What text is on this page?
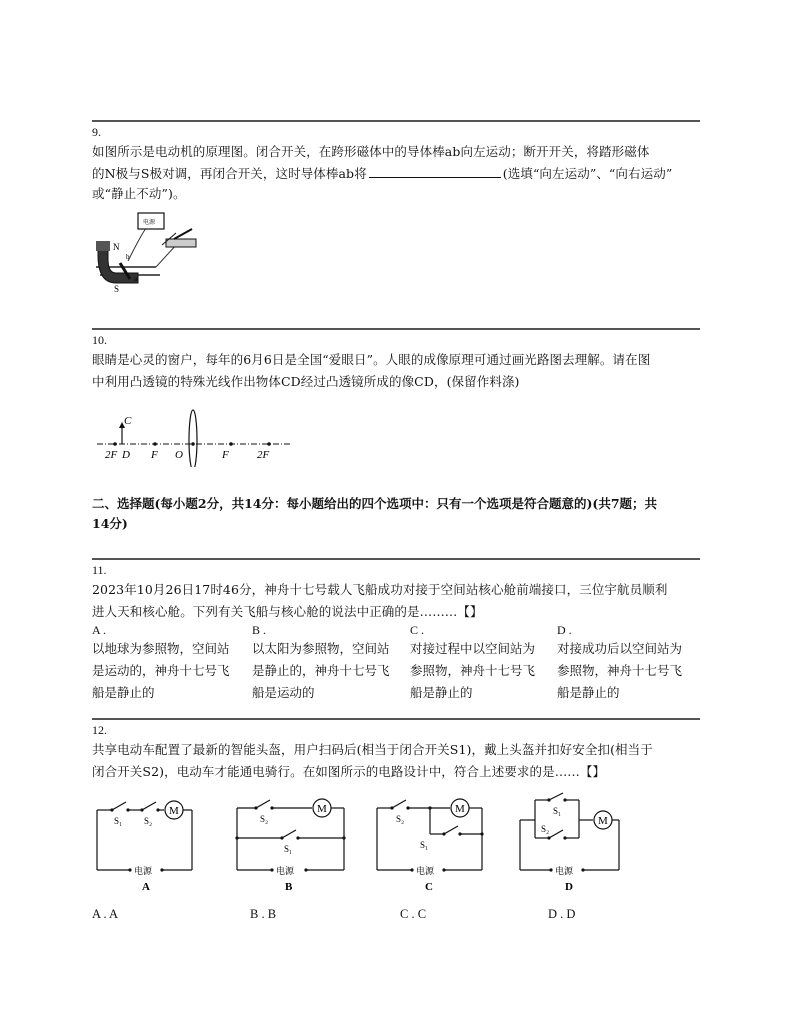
9.
如图所示是电动机的原理图。闭合开关，在跨形磁体中的导体棒ab向左运动；断开开关，将踏形磁体
的N极与S极对调，再闭合开关，这时导体棒ab将	(选填“向左运动”、“向右运动”
或“静止不动”)。
电源
N
b
a
S
10.
眼睛是心灵的窗户，每年的6月6日是全国“爱眼日”。人眼的成像原理可通过画光路图去理解。请在图
中利用凸透镜的特殊光线作出物体CD经过凸透镜所成的像CD，(保留作料涤)
C
2F D F O	F	2F
二、选择题(每小题2分，共14分：每小题给出的四个选项中：只有一个选项是符合题意的)(共7题；共
14分)
11.
2023年10月26日17时46分，神舟十七号载人飞船成功对接于空间站核心舱前端接口，三位宇航员顺利
进人天和核心舱。下列有关飞船与核心舱的说法中正确的是………【】
A .
以地球为参照物，空间站
是运动的，神舟十七号飞
船是静止的
B .
以太阳为参照物，空间站
是静止的，神舟十七号飞
船是运动的
C .
对接过程中以空间站为
参照物，神舟十七号飞
船是静止的
D .
对接成功后以空间站为
参照物，神舟十七号飞
船是静止的
12.
共享电动车配置了最新的智能头盔，用户扫码后(相当于闭合开关S1)，戴上头盔并扣好安全扣(相当于
闭合开关S2)，电动车才能通电骑行。在如图所示的电路设计中，符合上述要求的是……【】
M
S₁ S₂
电源
A
M
S₂
S₁
电源
B
M
S₂
S₁
电源
C
M
S₁
S₂
电源
D
A . A	B . B	C . C	D . D
